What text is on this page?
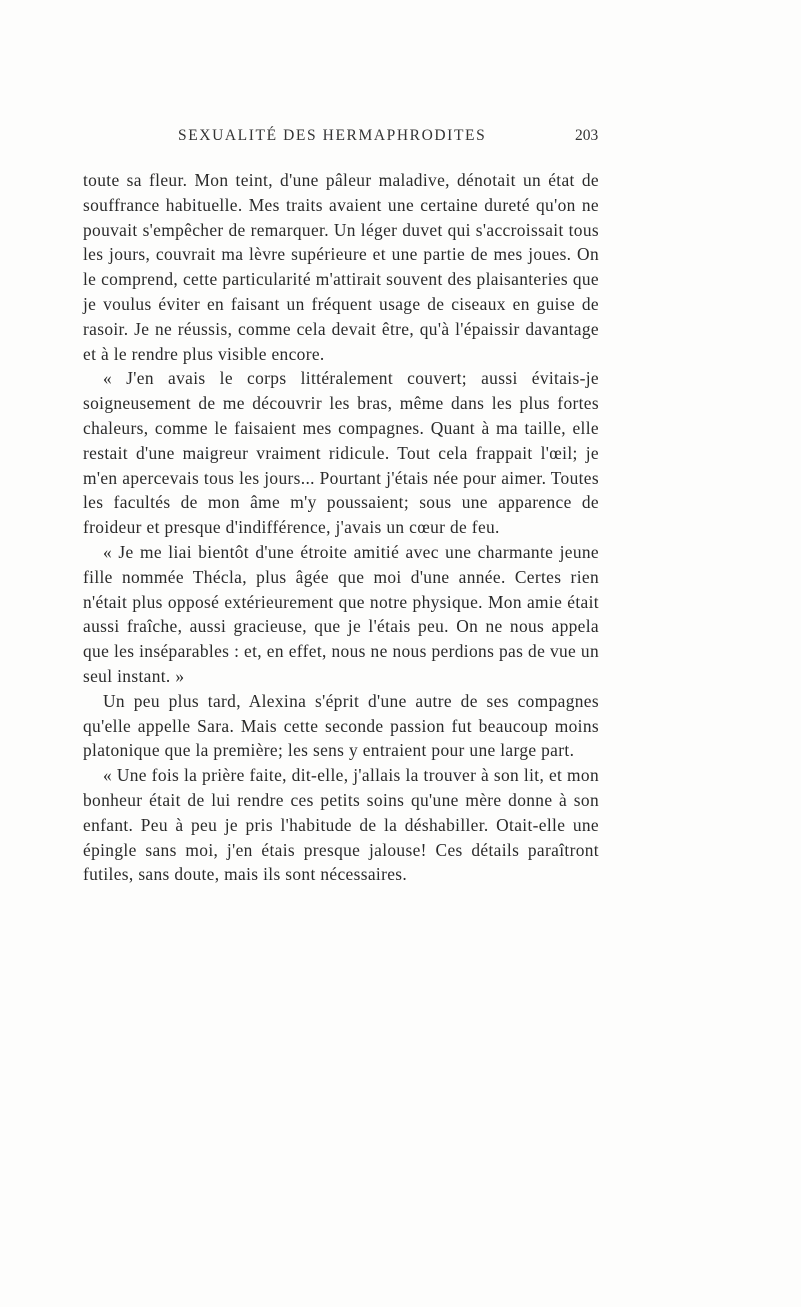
SEXUALITÉ DES HERMAPHRODITES	203

toute sa fleur. Mon teint, d'une pâleur maladive, dénotait un état de souffrance habituelle. Mes traits avaient une certaine dureté qu'on ne pouvait s'empêcher de remarquer. Un léger duvet qui s'accroissait tous les jours, couvrait ma lèvre supérieure et une partie de mes joues. On le comprend, cette particularité m'attirait souvent des plaisanteries que je voulus éviter en faisant un fréquent usage de ciseaux en guise de rasoir. Je ne réussis, comme cela devait être, qu'à l'épaissir davantage et à le rendre plus visible encore.

« J'en avais le corps littéralement couvert; aussi évitais-je soigneusement de me découvrir les bras, même dans les plus fortes chaleurs, comme le faisaient mes compagnes. Quant à ma taille, elle restait d'une maigreur vraiment ridicule. Tout cela frappait l'œil; je m'en apercevais tous les jours... Pourtant j'étais née pour aimer. Toutes les facultés de mon âme m'y poussaient; sous une apparence de froideur et presque d'indifférence, j'avais un cœur de feu.

« Je me liai bientôt d'une étroite amitié avec une charmante jeune fille nommée Thécla, plus âgée que moi d'une année. Certes rien n'était plus opposé extérieurement que notre physique. Mon amie était aussi fraîche, aussi gracieuse, que je l'étais peu. On ne nous appela que les inséparables : et, en effet, nous ne nous perdions pas de vue un seul instant. »

Un peu plus tard, Alexina s'éprit d'une autre de ses compagnes qu'elle appelle Sara. Mais cette seconde passion fut beaucoup moins platonique que la première; les sens y entraient pour une large part.

« Une fois la prière faite, dit-elle, j'allais la trouver à son lit, et mon bonheur était de lui rendre ces petits soins qu'une mère donne à son enfant. Peu à peu je pris l'habitude de la déshabiller. Otait-elle une épingle sans moi, j'en étais presque jalouse! Ces détails paraîtront futiles, sans doute, mais ils sont nécessaires.
